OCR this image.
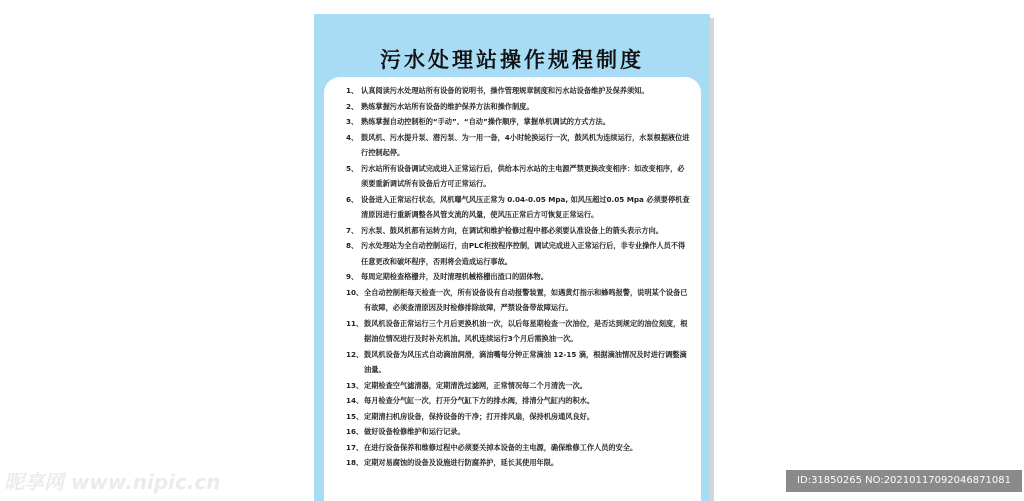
污水处理站操作规程制度
1、 认真阅读污水处理站所有设备的说明书，操作管理规章制度和污水站设备维护及保养须知。
2、 熟练掌握污水站所有设备的维护保养方法和操作制度。
3、 熟练掌握自动控制柜的“手动”、“自动”操作顺序，掌握单机调试的方式方法。
4、 鼓风机、污水提升泵、潜污泵、为一用一备，4小时轮换运行一次，鼓风机为连续运行，水泵根据液位进行控制起停。
5、 污水站所有设备调试完成进入正常运行后，供给本污水站的主电源严禁更换改变相序：如改变相序，必须要重新调试所有设备后方可正常运行。
6、 设备进入正常运行状态，风机曝气风压正常为 0.04-0.05 Mpa, 如风压超过0.05 Mpa 必须要停机查清原因进行重新调整各风管支流的风量，使风压正常后方可恢复正常运行。
7、 污水泵、鼓风机都有运转方向，在调试和维护检修过程中都必须要认准设备上的箭头表示方向。
8、 污水处理站为全自动控制运行，由PLC柜按程序控制，调试完成进入正常运行后，非专业操作人员不得任意更改和破坏程序，否则将会造成运行事故。
9、 每周定期检查格栅井，及时清理机械格栅出渣口的固体物。
10、 全自动控制柜每天检查一次，所有设备设有自动报警装置，如遇黄灯指示和蜂鸣报警，说明某个设备已有故障，必须查清原因及时检修排除故障，严禁设备带故障运行。
11、 鼓风机设备正常运行三个月后更换机油一次，以后每星期检查一次油位，是否达到规定的油位刻度，根据油位情况进行及时补充机油。风机连续运行3个月后需换油一次。
12、 鼓风机设备为风压式自动滴油润滑，滴油嘴每分钟正常滴油 12-15 滴，根据滴油情况及时进行调整滴油量。
13、 定期检查空气滤清器，定期清洗过滤网，正常情况每二个月清洗一次。
14、 每月检查分气缸一次，打开分气缸下方的排水阀，排清分气缸内的积水。
15、 定期清扫机房设备，保持设备的干净；打开排风扇，保持机房通风良好。
16、 做好设备检修维护和运行记录。
17、 在进行设备保养和维修过程中必须要关掉本设备的主电源，确保维修工作人员的安全。
18、 定期对易腐蚀的设备及设施进行防腐养护，延长其使用年限。
昵享网 www.nipic.cn	ID:31850265 NO:20210117092046871081
